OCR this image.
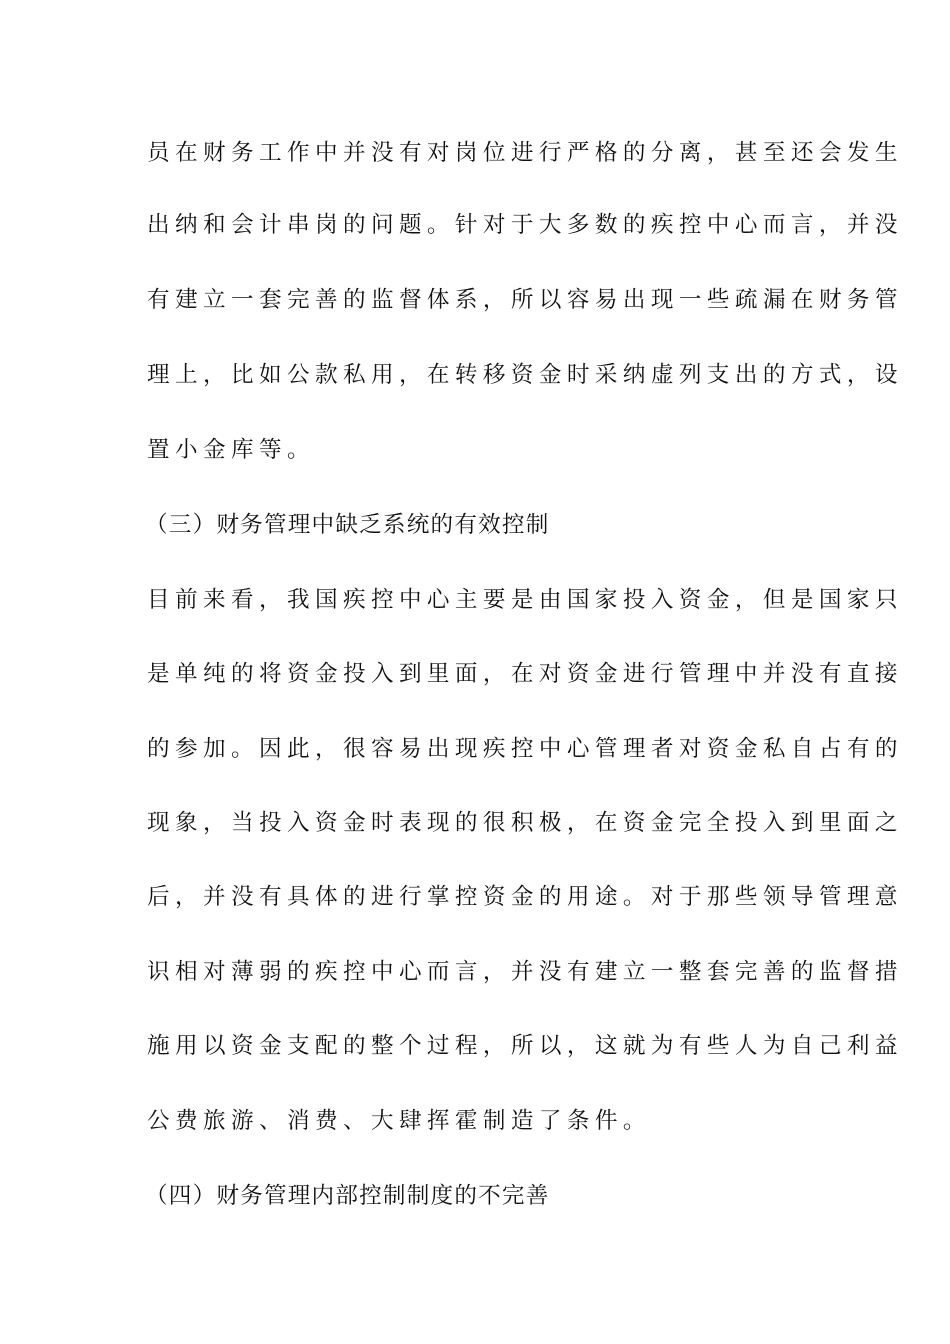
员在财务工作中并没有对岗位进行严格的分离，甚至还会发生
出纳和会计串岗的问题。针对于大多数的疾控中心而言，并没
有建立一套完善的监督体系，所以容易出现一些疏漏在财务管
理上，比如公款私用，在转移资金时采纳虚列支出的方式，设
置小金库等。
（三）财务管理中缺乏系统的有效控制
目前来看，我国疾控中心主要是由国家投入资金，但是国家只
是单纯的将资金投入到里面，在对资金进行管理中并没有直接
的参加。因此，很容易出现疾控中心管理者对资金私自占有的
现象，当投入资金时表现的很积极，在资金完全投入到里面之
后，并没有具体的进行掌控资金的用途。对于那些领导管理意
识相对薄弱的疾控中心而言，并没有建立一整套完善的监督措
施用以资金支配的整个过程，所以，这就为有些人为自己利益
公费旅游、消费、大肆挥霍制造了条件。
（四）财务管理内部控制制度的不完善
